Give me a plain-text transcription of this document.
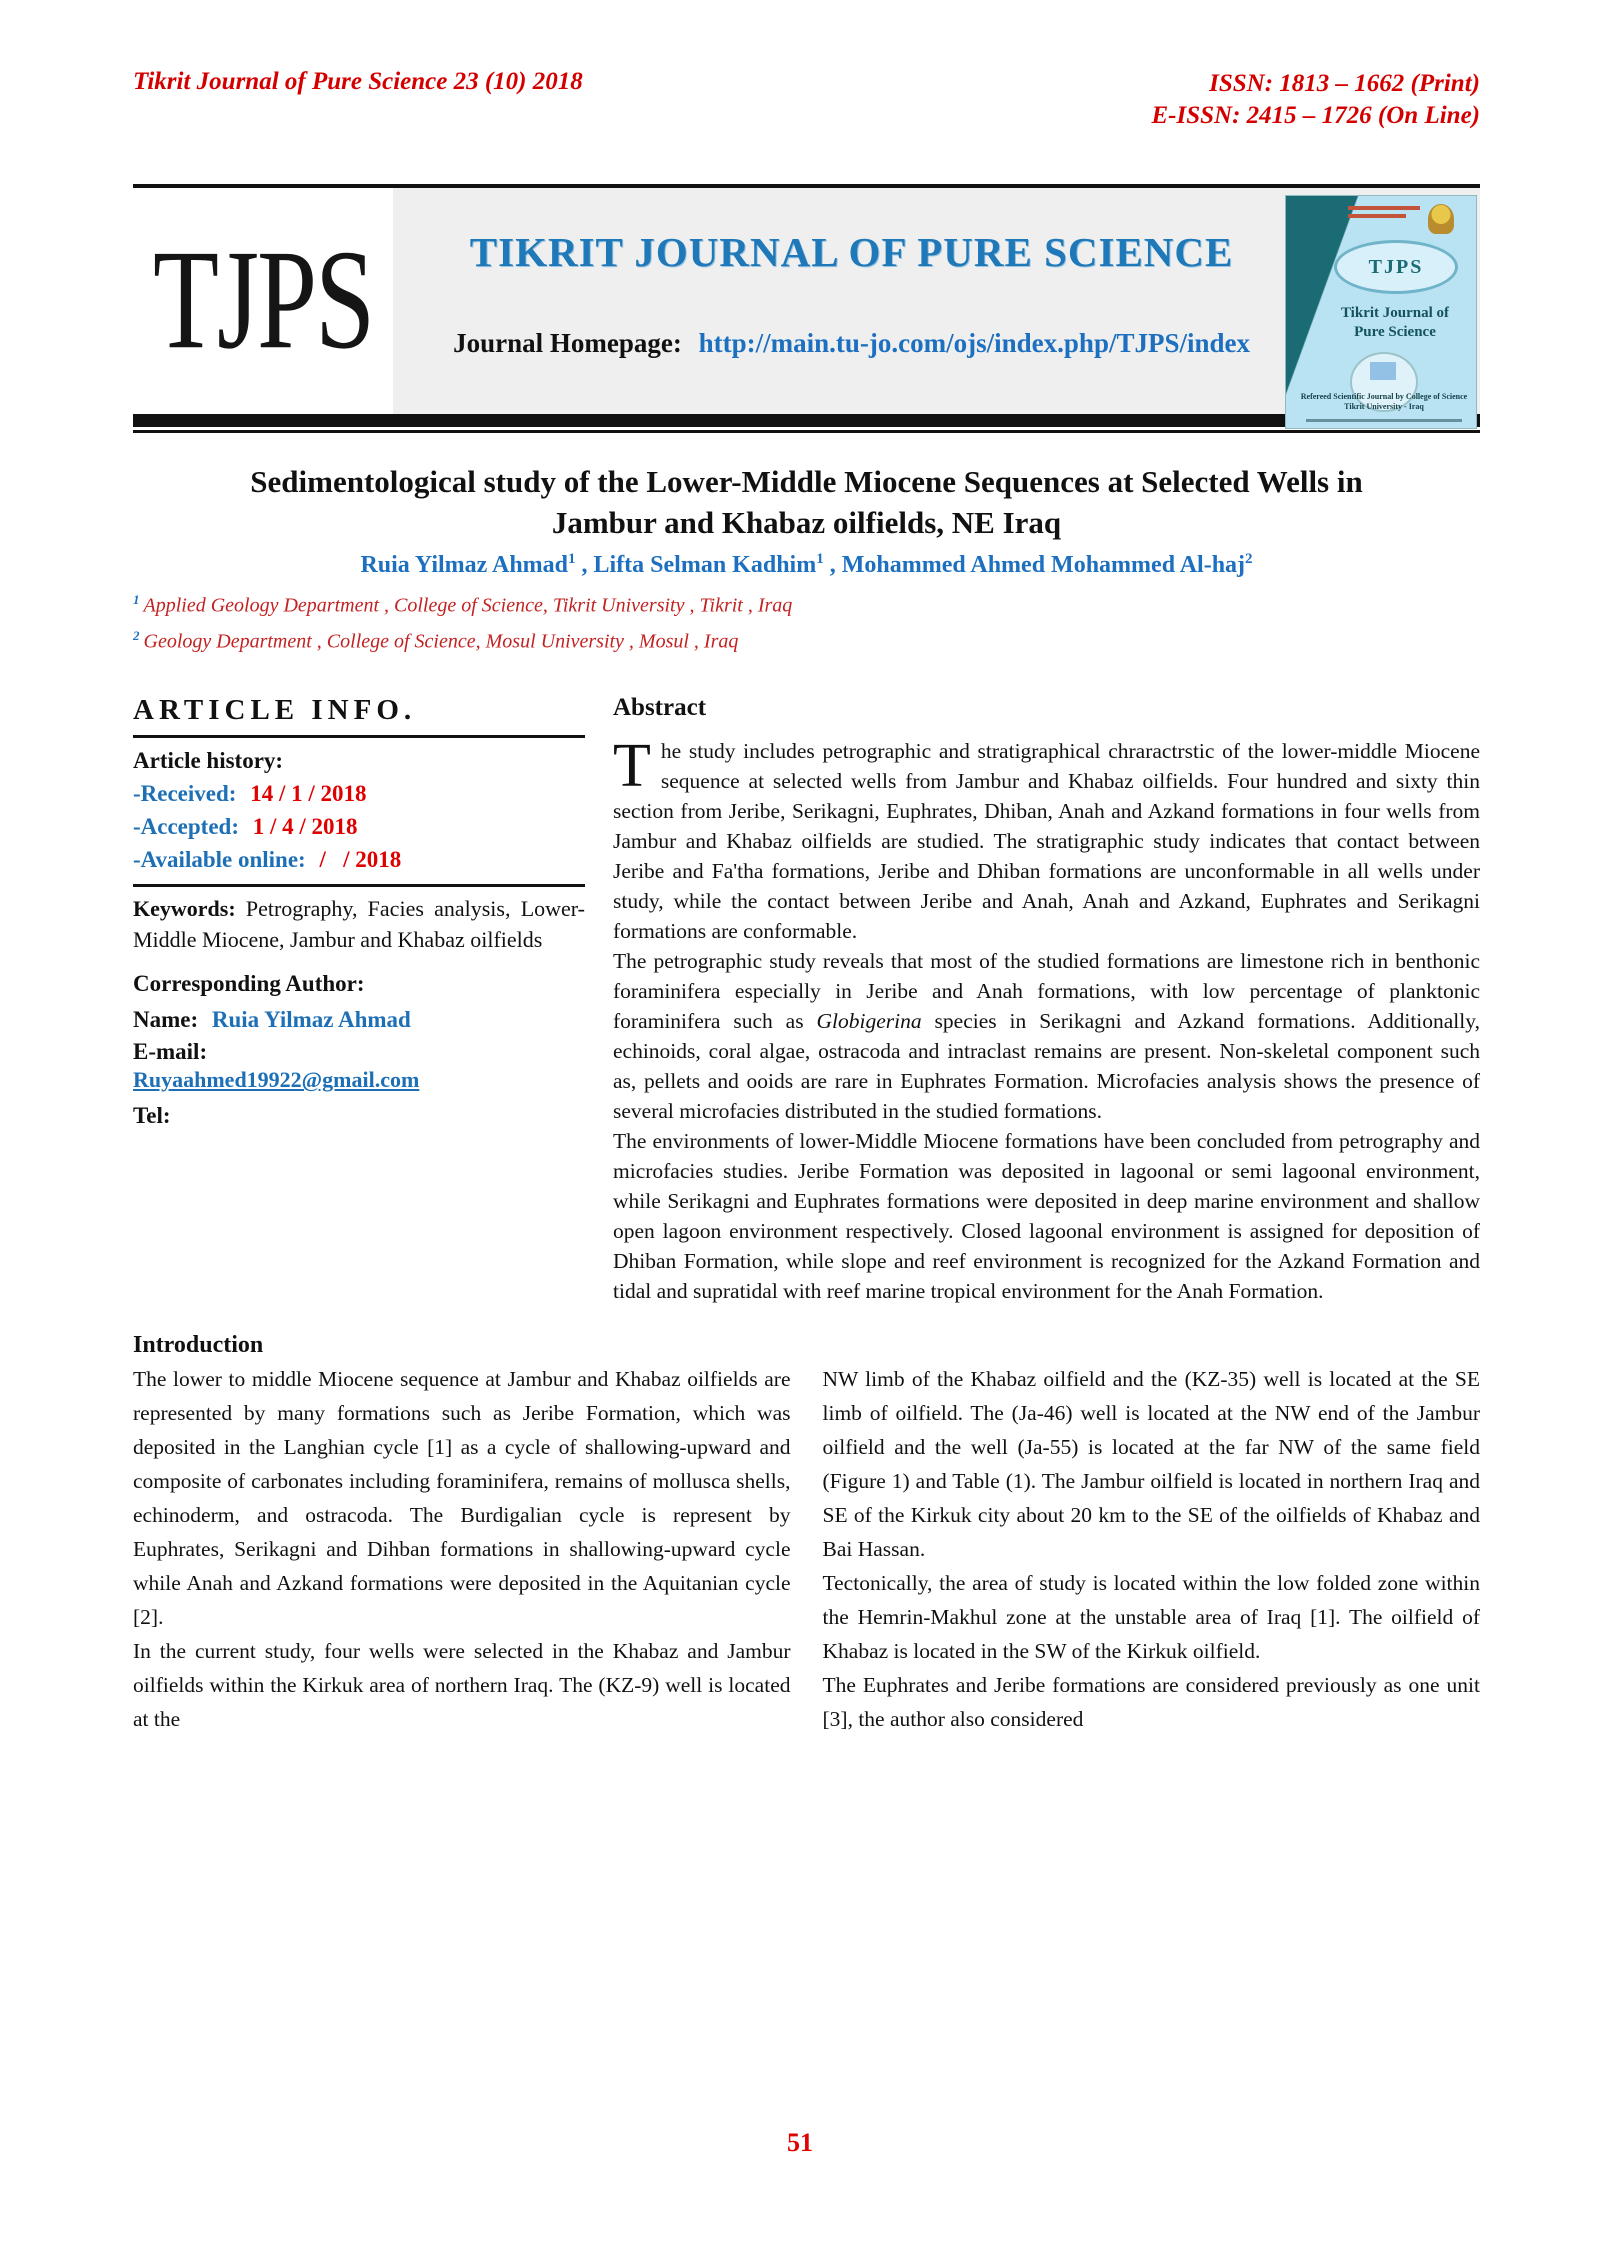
Tikrit Journal of Pure Science 23 (10) 2018	ISSN: 1813 – 1662 (Print)
E-ISSN: 2415 – 1726 (On Line)
TJPS	TIKRIT JOURNAL OF PURE SCIENCE
Journal Homepage: http://main.tu-jo.com/ojs/index.php/TJPS/index
TJPS
Tikrit Journal of
Pure Science
Refereed Scientific Journal by College of Science
Tikrit University - Iraq
Sedimentological study of the Lower-Middle Miocene Sequences at Selected Wells in Jambur and Khabaz oilfields, NE Iraq
Ruia Yilmaz Ahmad$^1$ , Lifta Selman Kadhim$^1$ , Mohammed Ahmed Mohammed Al-haj$^2$
$^1$ Applied Geology Department , College of Science, Tikrit University , Tikrit , Iraq
$^2$ Geology Department , College of Science, Mosul University , Mosul , Iraq
ARTICLE INFO.
Article history:
-Received: 14 / 1 / 2018
-Accepted: 1 / 4 / 2018
-Available online: /   / 2018
Keywords: Petrography, Facies analysis, Lower-Middle Miocene, Jambur and Khabaz oilfields
Corresponding Author:
Name: Ruia Yilmaz Ahmad
E-mail:
Ruyaahmed19922@gmail.com
Tel:
Abstract

The study includes petrographic and stratigraphical chraractrstic of the lower-middle Miocene sequence at selected wells from Jambur and Khabaz oilfields. Four hundred and sixty thin section from Jeribe, Serikagni, Euphrates, Dhiban, Anah and Azkand formations in four wells from Jambur and Khabaz oilfields are studied. The stratigraphic study indicates that contact between Jeribe and Fa'tha formations, Jeribe and Dhiban formations are unconformable in all wells under study, while the contact between Jeribe and Anah, Anah and Azkand, Euphrates and Serikagni formations are conformable.

The petrographic study reveals that most of the studied formations are limestone rich in benthonic foraminifera especially in Jeribe and Anah formations, with low percentage of planktonic foraminifera such as Globigerina species in Serikagni and Azkand formations. Additionally, echinoids, coral algae, ostracoda and intraclast remains are present. Non-skeletal component such as, pellets and ooids are rare in Euphrates Formation. Microfacies analysis shows the presence of several microfacies distributed in the studied formations.

The environments of lower-Middle Miocene formations have been concluded from petrography and microfacies studies. Jeribe Formation was deposited in lagoonal or semi lagoonal environment, while Serikagni and Euphrates formations were deposited in deep marine environment and shallow open lagoon environment respectively. Closed lagoonal environment is assigned for deposition of Dhiban Formation, while slope and reef environment is recognized for the Azkand Formation and tidal and supratidal with reef marine tropical environment for the Anah Formation.

Introduction

The lower to middle Miocene sequence at Jambur and Khabaz oilfields are represented by many formations such as Jeribe Formation, which was deposited in the Langhian cycle [1] as a cycle of shallowing-upward and composite of carbonates including foraminifera, remains of mollusca shells, echinoderm, and ostracoda. The Burdigalian cycle is represent by Euphrates, Serikagni and Dihban formations in shallowing-upward cycle while Anah and Azkand formations were deposited in the Aquitanian cycle [2].

In the current study, four wells were selected in the Khabaz and Jambur oilfields within the Kirkuk area of northern Iraq. The (KZ-9) well is located at the

NW limb of the Khabaz oilfield and the (KZ-35) well is located at the SE limb of oilfield. The (Ja-46) well is located at the NW end of the Jambur oilfield and the well (Ja-55) is located at the far NW of the same field (Figure 1) and Table (1). The Jambur oilfield is located in northern Iraq and SE of the Kirkuk city about 20 km to the SE of the oilfields of Khabaz and Bai Hassan.

Tectonically, the area of study is located within the low folded zone within the Hemrin-Makhul zone at the unstable area of Iraq [1]. The oilfield of Khabaz is located in the SW of the Kirkuk oilfield.

The Euphrates and Jeribe formations are considered previously as one unit [3], the author also considered

51
